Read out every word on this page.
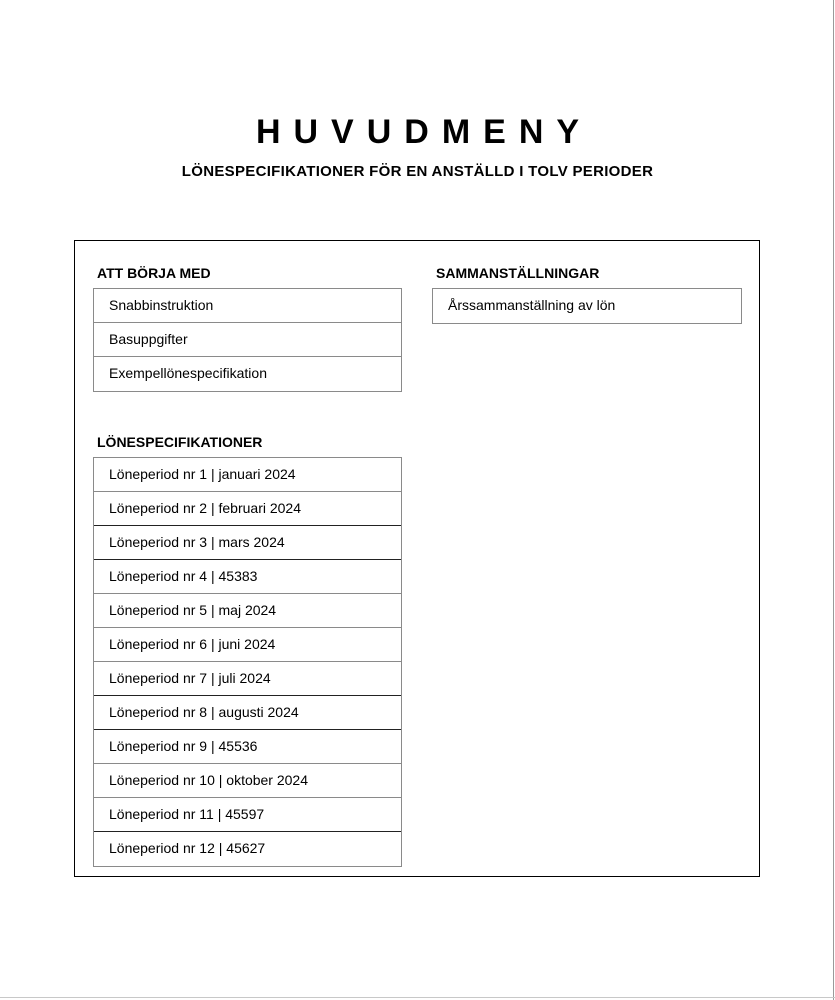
HUVUDMENY
LÖNESPECIFIKATIONER FÖR EN ANSTÄLLD I TOLV PERIODER
ATT BÖRJA MED
Snabbinstruktion
Basuppgifter
Exempellönespecifikation
SAMMANSTÄLLNINGAR
Årssammanställning av lön
LÖNESPECIFIKATIONER
Löneperiod nr 1 | januari 2024
Löneperiod nr 2 | februari 2024
Löneperiod nr 3 | mars 2024
Löneperiod nr 4 | 45383
Löneperiod nr 5 | maj 2024
Löneperiod nr 6 | juni 2024
Löneperiod nr 7 | juli 2024
Löneperiod nr 8 | augusti 2024
Löneperiod nr 9 | 45536
Löneperiod nr 10 | oktober 2024
Löneperiod nr 11 | 45597
Löneperiod nr 12 | 45627
